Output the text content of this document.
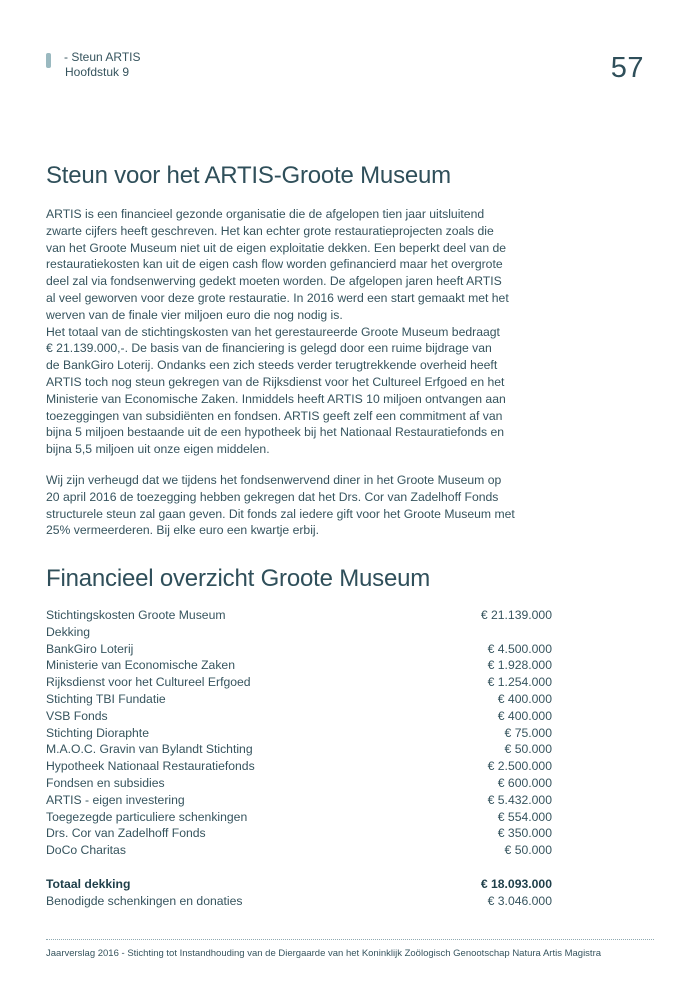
- Steun ARTIS
Hoofdstuk 9	57
Steun voor het ARTIS-Groote Museum
ARTIS is een financieel gezonde organisatie die de afgelopen tien jaar uitsluitend
zwarte cijfers heeft geschreven. Het kan echter grote restauratieprojecten zoals die
van het Groote Museum niet uit de eigen exploitatie dekken. Een beperkt deel van de
restauratiekosten kan uit de eigen cash flow worden gefinancierd maar het overgrote
deel zal via fondsenwerving gedekt moeten worden. De afgelopen jaren heeft ARTIS
al veel geworven voor deze grote restauratie. In 2016 werd een start gemaakt met het
werven van de finale vier miljoen euro die nog nodig is.
Het totaal van de stichtingskosten van het gerestaureerde Groote Museum bedraagt
€ 21.139.000,-. De basis van de financiering is gelegd door een ruime bijdrage van
de BankGiro Loterij. Ondanks een zich steeds verder terugtrekkende overheid heeft
ARTIS toch nog steun gekregen van de Rijksdienst voor het Cultureel Erfgoed en het
Ministerie van Economische Zaken. Inmiddels heeft ARTIS 10 miljoen ontvangen aan
toezeggingen van subsidiënten en fondsen. ARTIS geeft zelf een commitment af van
bijna 5 miljoen bestaande uit de een hypotheek bij het Nationaal Restauratiefonds en
bijna 5,5 miljoen uit onze eigen middelen.
Wij zijn verheugd dat we tijdens het fondsenwervend diner in het Groote Museum op
20 april 2016 de toezegging hebben gekregen dat het Drs. Cor van Zadelhoff Fonds
structurele steun zal gaan geven. Dit fonds zal iedere gift voor het Groote Museum met
25% vermeerderen. Bij elke euro een kwartje erbij.
Financieel overzicht Groote Museum
Stichtingskosten Groote Museum	€ 21.139.000
Dekking
BankGiro Loterij	€ 4.500.000
Ministerie van Economische Zaken	€ 1.928.000
Rijksdienst voor het Cultureel Erfgoed	€ 1.254.000
Stichting TBI Fundatie	€ 400.000
VSB Fonds	€ 400.000
Stichting Dioraphte	€ 75.000
M.A.O.C. Gravin van Bylandt Stichting	€ 50.000
Hypotheek Nationaal Restauratiefonds	€ 2.500.000
Fondsen en subsidies	€ 600.000
ARTIS - eigen investering	€ 5.432.000
Toegezegde particuliere schenkingen	€ 554.000
Drs. Cor van Zadelhoff Fonds	€ 350.000
DoCo Charitas	€ 50.000
Totaal dekking	€ 18.093.000
Benodigde schenkingen en donaties	€ 3.046.000
Jaarverslag 2016 - Stichting tot Instandhouding van de Diergaarde van het Koninklijk Zoölogisch Genootschap Natura Artis Magistra
